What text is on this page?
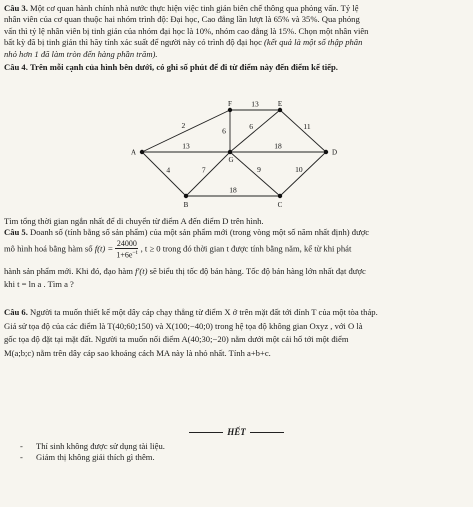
Câu 3. Một cơ quan hành chính nhà nước thực hiện việc tinh giản biên chế thông qua phỏng vấn. Tỷ lệ
nhân viên của cơ quan thuộc hai nhóm trình độ: Đại học, Cao đẳng lần lượt là 65% và 35%. Qua phỏng
vấn thì tỷ lệ nhân viên bị tinh giản của nhóm đại học là 10%, nhóm cao đẳng là 15%. Chọn một nhân viên
bất kỳ đã bị tinh giản thì hãy tính xác suất để người này có trình độ đại học (kết quả là một số thập phân
nhỏ hơn 1 đã làm tròn đến hàng phần trăm).
Câu 4. Trên mỗi cạnh của hình bên dưới, có ghi số phút để đi từ điểm này đến điểm kế tiếp.
13
2
6
6	11
13	18
4	7	9	10
18
F	E
A
G
D
B	C
Tìm tổng thời gian ngắn nhất để di chuyển từ điểm A đến điểm D trên hình.
Câu 5. Doanh số (tính bằng số sản phẩm) của một sản phẩm mới (trong vòng một số năm nhất định) được
mô hình hoá bằng hàm số $f(t) = \frac{24000}{1+6e^{-t}}$ , t ≥ 0 trong đó thời gian t được tính bằng năm, kể từ khi phát
hành sản phẩm mới. Khi đó, đạo hàm f′(t) sẽ biểu thị tốc độ bán hàng. Tốc độ bán hàng lớn nhất đạt được
khi t = ln a . Tìm a ?
Câu 6. Người ta muốn thiết kế một dây cáp chạy thẳng từ điểm X ở trên mặt đất tới đỉnh T của một tòa tháp.
Giả sử tọa độ của các điểm là T(40;60;150) và X(100;−40;0) trong hệ tọa độ không gian Oxyz , với O là
gốc tọa độ đặt tại mặt đất. Người ta muốn nối điểm A(40;30;−20) nằm dưới một cái hố tới một điểm
M(a;b;c) nằm trên dây cáp sao khoảng cách MA này là nhỏ nhất. Tính a+b+c.
HẾT
- Thí sinh không được sử dụng tài liệu.
- Giám thị không giải thích gì thêm.
